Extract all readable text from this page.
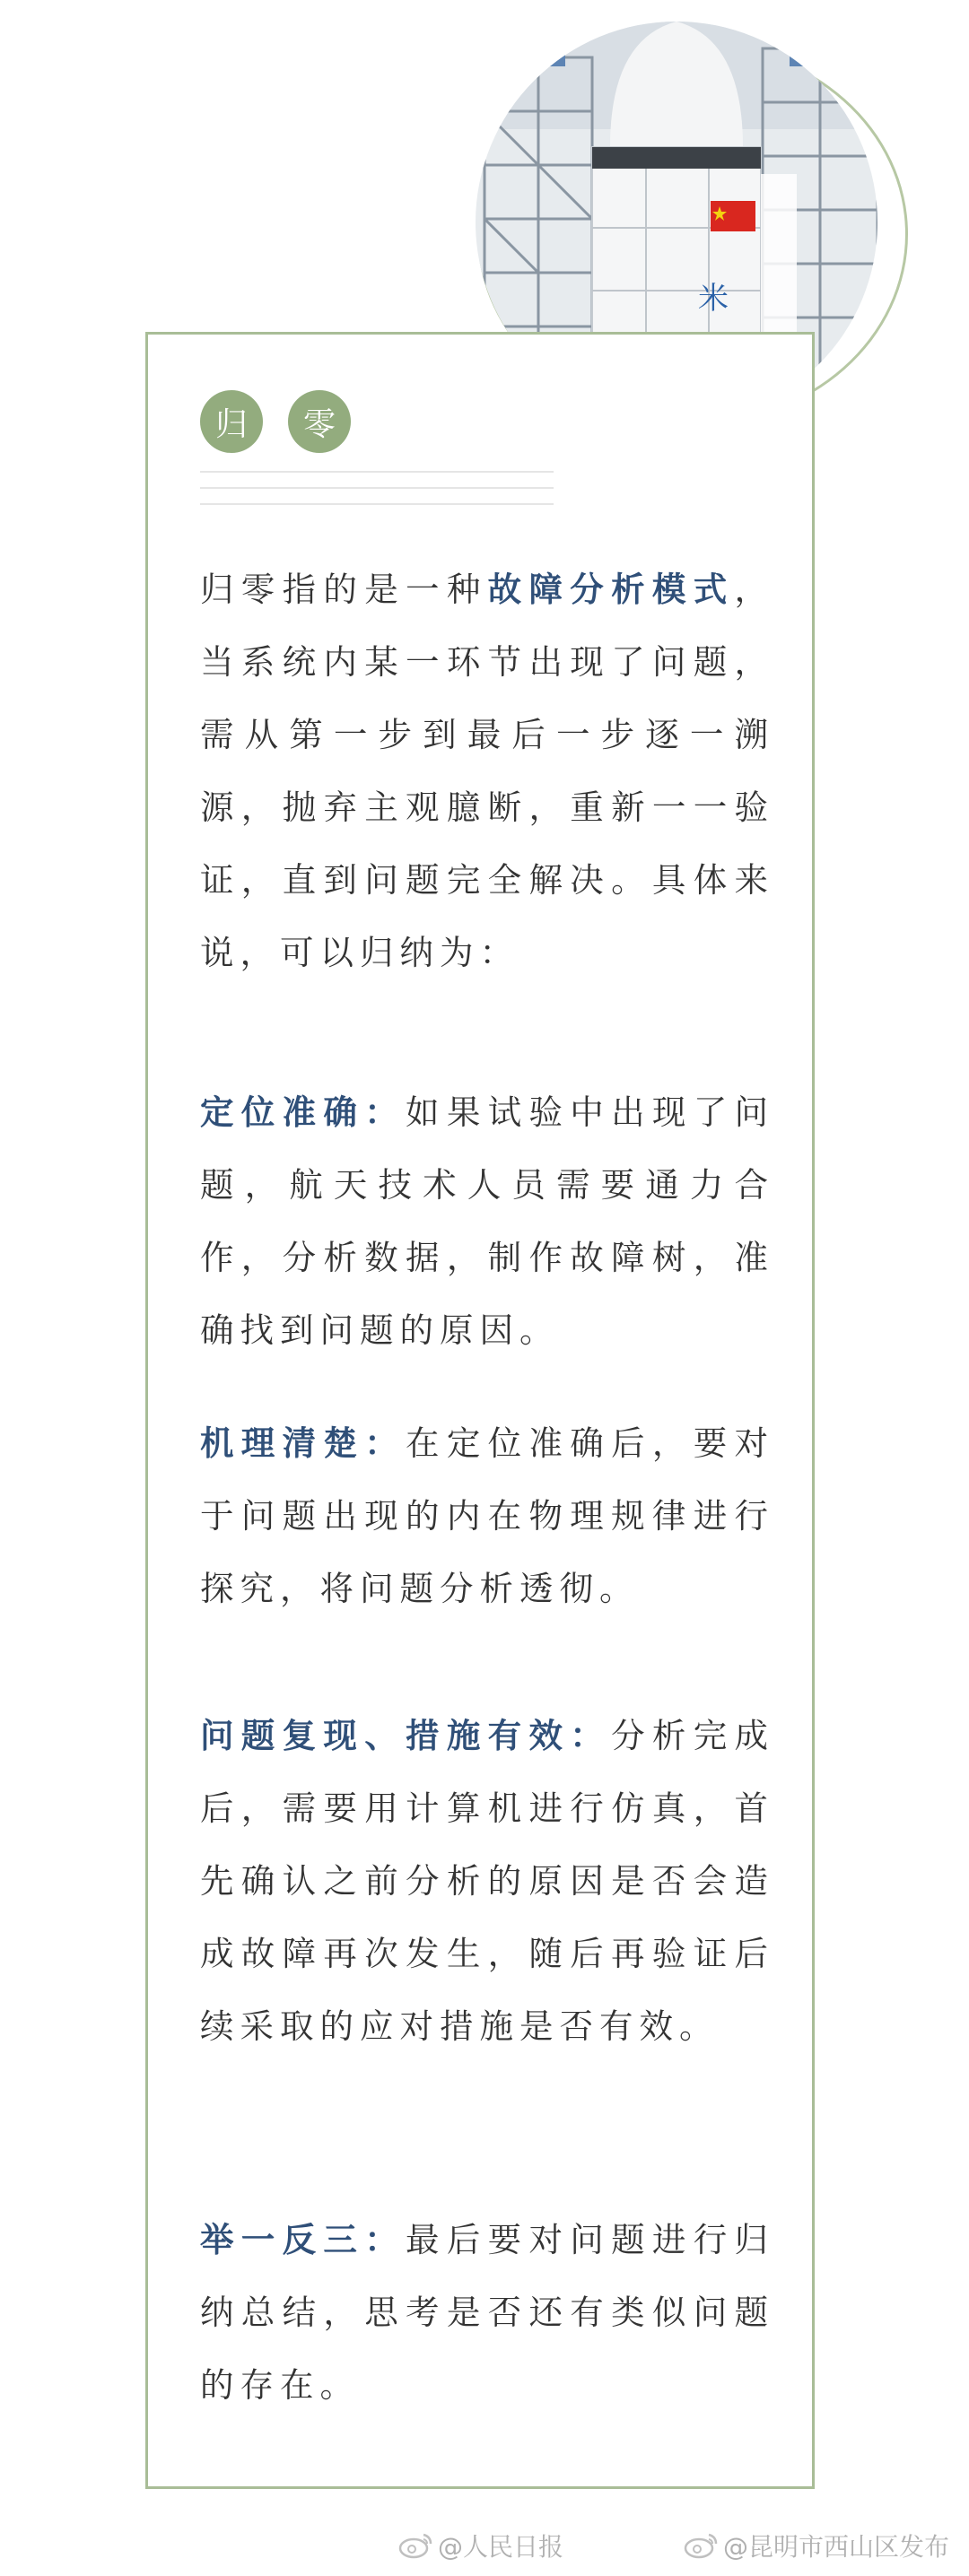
米
归	零

归零指的是一种故障分析模式，当系统内某一环节出现了问题，需从第一步到最后一步逐一溯源，抛弃主观臆断，重新一一验证，直到问题完全解决。具体来说，可以归纳为：

定位准确：如果试验中出现了问题，航天技术人员需要通力合作，分析数据，制作故障树，准确找到问题的原因。

机理清楚：在定位准确后，要对于问题出现的内在物理规律进行探究，将问题分析透彻。

问题复现、措施有效：分析完成后，需要用计算机进行仿真，首先确认之前分析的原因是否会造成故障再次发生，随后再验证后续采取的应对措施是否有效。

举一反三：最后要对问题进行归纳总结，思考是否还有类似问题的存在。

@人民日报	@昆明市西山区发布
